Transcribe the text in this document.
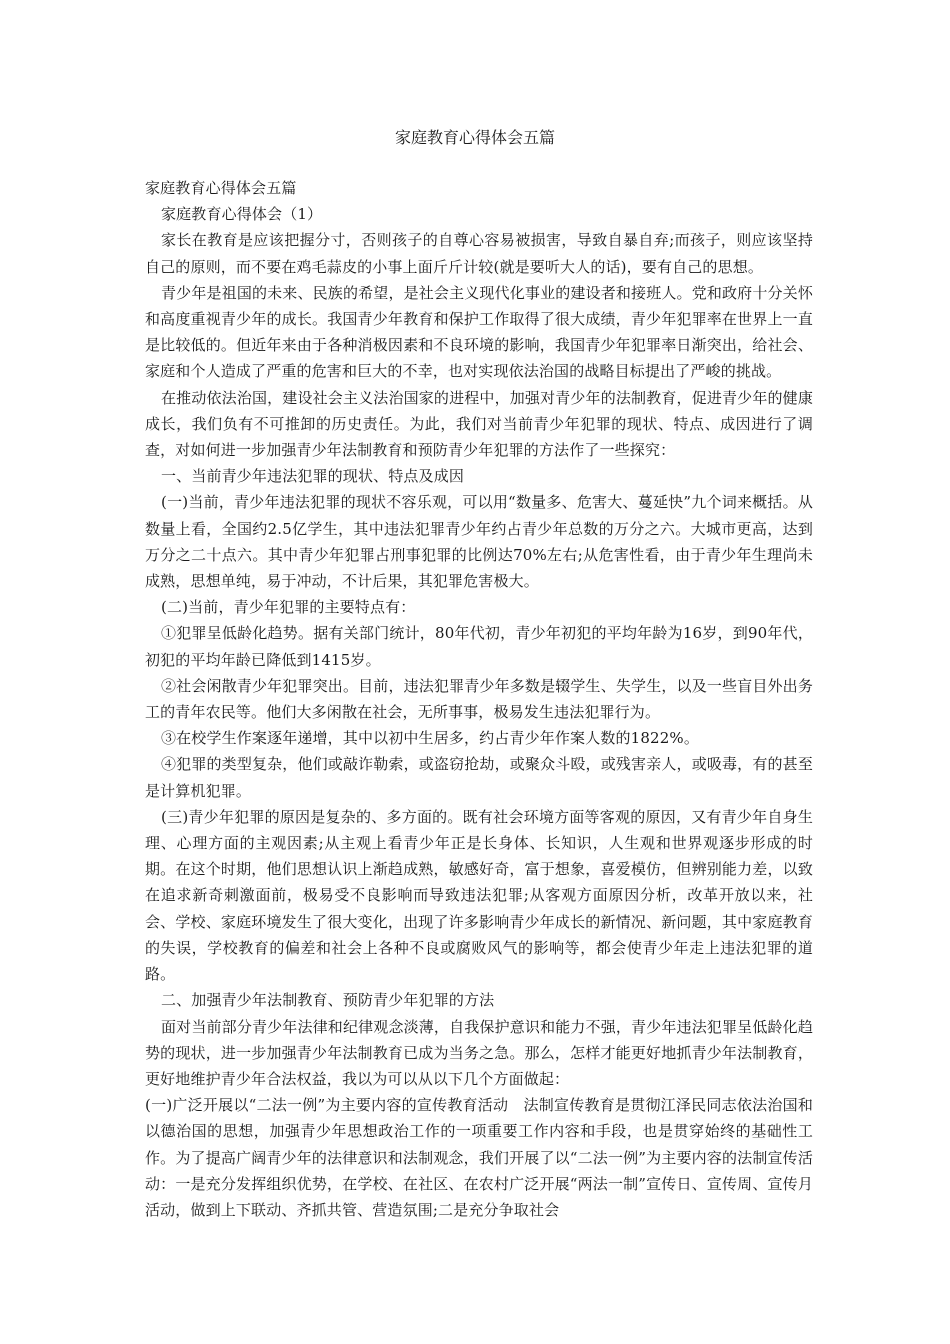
家庭教育心得体会五篇

家庭教育心得体会五篇

家庭教育心得体会（1）

家长在教育是应该把握分寸，否则孩子的自尊心容易被损害，导致自暴自弃;而孩子，则应该坚持自己的原则，而不要在鸡毛蒜皮的小事上面斤斤计较(就是要听大人的话)，要有自己的思想。

青少年是祖国的未来、民族的希望，是社会主义现代化事业的建设者和接班人。党和政府十分关怀和高度重视青少年的成长。我国青少年教育和保护工作取得了很大成绩，青少年犯罪率在世界上一直是比较低的。但近年来由于各种消极因素和不良环境的影响，我国青少年犯罪率日渐突出，给社会、家庭和个人造成了严重的危害和巨大的不幸，也对实现依法治国的战略目标提出了严峻的挑战。

在推动依法治国，建设社会主义法治国家的进程中，加强对青少年的法制教育，促进青少年的健康成长，我们负有不可推卸的历史责任。为此，我们对当前青少年犯罪的现状、特点、成因进行了调查，对如何进一步加强青少年法制教育和预防青少年犯罪的方法作了一些探究：

一、当前青少年违法犯罪的现状、特点及成因

(一)当前，青少年违法犯罪的现状不容乐观，可以用“数量多、危害大、蔓延快”九个词来概括。从数量上看，全国约2.5亿学生，其中违法犯罪青少年约占青少年总数的万分之六。大城市更高，达到万分之二十点六。其中青少年犯罪占刑事犯罪的比例达70%左右;从危害性看，由于青少年生理尚未成熟，思想单纯，易于冲动，不计后果，其犯罪危害极大。

(二)当前，青少年犯罪的主要特点有：

①犯罪呈低龄化趋势。据有关部门统计，80年代初，青少年初犯的平均年龄为16岁，到90年代，初犯的平均年龄已降低到1415岁。

②社会闲散青少年犯罪突出。目前，违法犯罪青少年多数是辍学生、失学生，以及一些盲目外出务工的青年农民等。他们大多闲散在社会，无所事事，极易发生违法犯罪行为。

③在校学生作案逐年递增，其中以初中生居多，约占青少年作案人数的1822%。

④犯罪的类型复杂，他们或敲诈勒索，或盗窃抢劫，或聚众斗殴，或残害亲人，或吸毒，有的甚至是计算机犯罪。

(三)青少年犯罪的原因是复杂的、多方面的。既有社会环境方面等客观的原因，又有青少年自身生理、心理方面的主观因素;从主观上看青少年正是长身体、长知识，人生观和世界观逐步形成的时期。在这个时期，他们思想认识上渐趋成熟，敏感好奇，富于想象，喜爱模仿，但辨别能力差，以致在追求新奇刺激面前，极易受不良影响而导致违法犯罪;从客观方面原因分析，改革开放以来，社会、学校、家庭环境发生了很大变化，出现了许多影响青少年成长的新情况、新问题，其中家庭教育的失误，学校教育的偏差和社会上各种不良或腐败风气的影响等，都会使青少年走上违法犯罪的道路。

二、加强青少年法制教育、预防青少年犯罪的方法

面对当前部分青少年法律和纪律观念淡薄，自我保护意识和能力不强，青少年违法犯罪呈低龄化趋势的现状，进一步加强青少年法制教育已成为当务之急。那么，怎样才能更好地抓青少年法制教育，更好地维护青少年合法权益，我以为可以从以下几个方面做起：

(一)广泛开展以“二法一例”为主要内容的宣传教育活动　法制宣传教育是贯彻江泽民同志依法治国和以德治国的思想，加强青少年思想政治工作的一项重要工作内容和手段，也是贯穿始终的基础性工作。为了提高广阔青少年的法律意识和法制观念，我们开展了以“二法一例”为主要内容的法制宣传活动：一是充分发挥组织优势，在学校、在社区、在农村广泛开展“两法一制”宣传日、宣传周、宣传月活动，做到上下联动、齐抓共管、营造氛围;二是充分争取社会
